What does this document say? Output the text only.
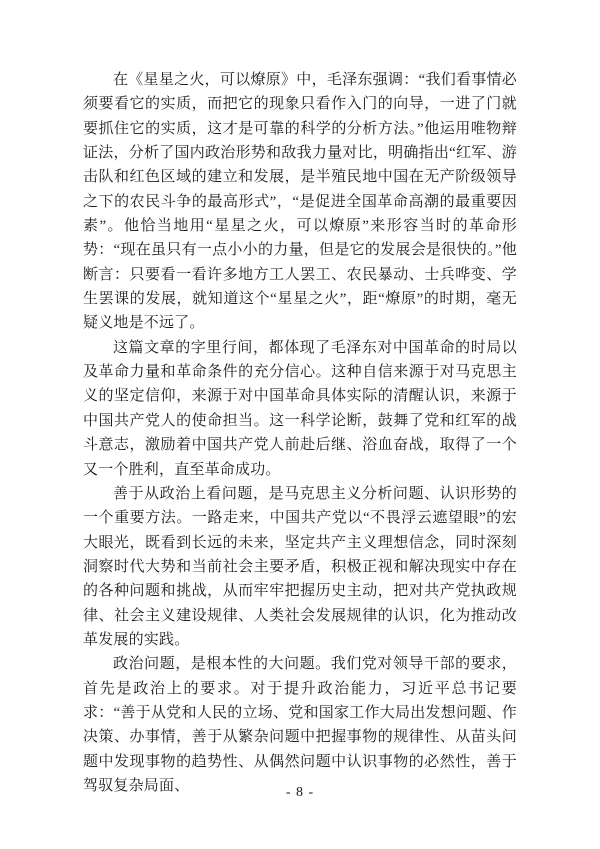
在《星星之火，可以燎原》中，毛泽东强调：“我们看事情必须要看它的实质，而把它的现象只看作入门的向导，一进了门就要抓住它的实质，这才是可靠的科学的分析方法。”他运用唯物辩证法，分析了国内政治形势和敌我力量对比，明确指出“红军、游击队和红色区域的建立和发展，是半殖民地中国在无产阶级领导之下的农民斗争的最高形式”，“是促进全国革命高潮的最重要因素”。他恰当地用“星星之火，可以燎原”来形容当时的革命形势：“现在虽只有一点小小的力量，但是它的发展会是很快的。”他断言：只要看一看许多地方工人罢工、农民暴动、士兵哗变、学生罢课的发展，就知道这个“星星之火”，距“燎原”的时期，毫无疑义地是不远了。

这篇文章的字里行间，都体现了毛泽东对中国革命的时局以及革命力量和革命条件的充分信心。这种自信来源于对马克思主义的坚定信仰，来源于对中国革命具体实际的清醒认识，来源于中国共产党人的使命担当。这一科学论断，鼓舞了党和红军的战斗意志，激励着中国共产党人前赴后继、浴血奋战，取得了一个又一个胜利，直至革命成功。

善于从政治上看问题，是马克思主义分析问题、认识形势的一个重要方法。一路走来，中国共产党以“不畏浮云遮望眼”的宏大眼光，既看到长远的未来，坚定共产主义理想信念，同时深刻洞察时代大势和当前社会主要矛盾，积极正视和解决现实中存在的各种问题和挑战，从而牢牢把握历史主动，把对共产党执政规律、社会主义建设规律、人类社会发展规律的认识，化为推动改革发展的实践。

政治问题，是根本性的大问题。我们党对领导干部的要求，首先是政治上的要求。对于提升政治能力，习近平总书记要求：“善于从党和人民的立场、党和国家工作大局出发想问题、作决策、办事情，善于从繁杂问题中把握事物的规律性、从苗头问题中发现事物的趋势性、从偶然问题中认识事物的必然性，善于驾驭复杂局面、	- 8 -
